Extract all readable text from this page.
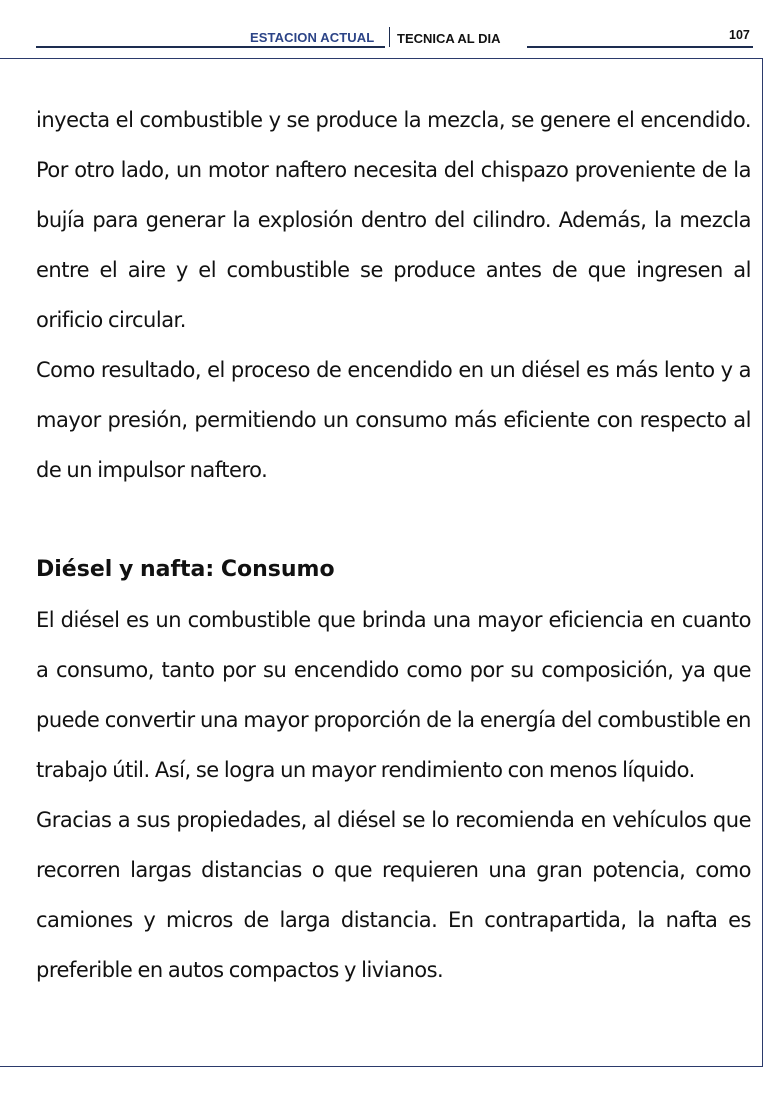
ESTACION ACTUAL TECNICA AL DIA	107

inyecta el combustible y se produce la mezcla, se genere el encendido. Por otro lado, un motor naftero necesita del chispazo proveniente de la bujía para generar la explosión dentro del cilindro. Además, la mezcla entre el aire y el combustible se produce antes de que ingresen al orificio circular.

Como resultado, el proceso de encendido en un diésel es más lento y a mayor presión, permitiendo un consumo más eficiente con respecto al de un impulsor naftero.

Diésel y nafta: Consumo

El diésel es un combustible que brinda una mayor eficiencia en cuanto a consumo, tanto por su encendido como por su composición, ya que puede convertir una mayor proporción de la energía del combustible en trabajo útil. Así, se logra un mayor rendimiento con menos líquido.

Gracias a sus propiedades, al diésel se lo recomienda en vehículos que recorren largas distancias o que requieren una gran potencia, como camiones y micros de larga distancia. En contrapartida, la nafta es preferible en autos compactos y livianos.
